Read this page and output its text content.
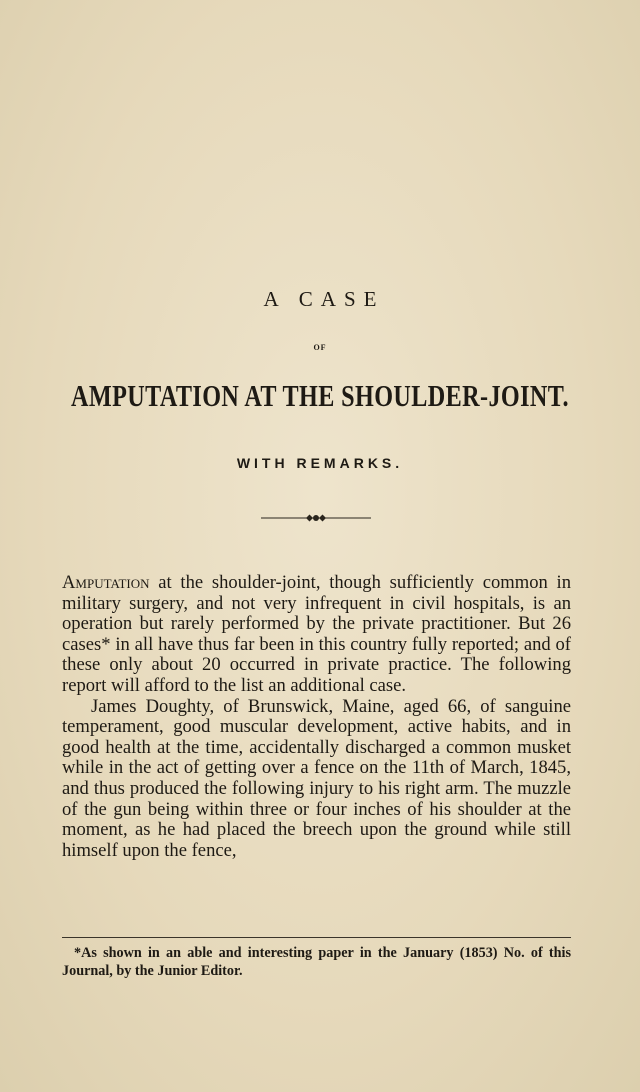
A CASE
OF
AMPUTATION AT THE SHOULDER-JOINT.
WITH REMARKS.

Amputation at the shoulder-joint, though sufficiently common in military surgery, and not very infrequent in civil hospitals, is an operation but rarely performed by the private practitioner. But 26 cases* in all have thus far been in this country fully reported; and of these only about 20 occurred in private practice. The following report will afford to the list an additional case.

James Doughty, of Brunswick, Maine, aged 66, of sanguine temperament, good muscular development, active habits, and in good health at the time, accidentally discharged a common musket while in the act of getting over a fence on the 11th of March, 1845, and thus produced the following injury to his right arm. The muzzle of the gun being within three or four inches of his shoulder at the moment, as he had placed the breech upon the ground while still himself upon the fence,

*As shown in an able and interesting paper in the January (1853) No. of this Journal, by the Junior Editor.
